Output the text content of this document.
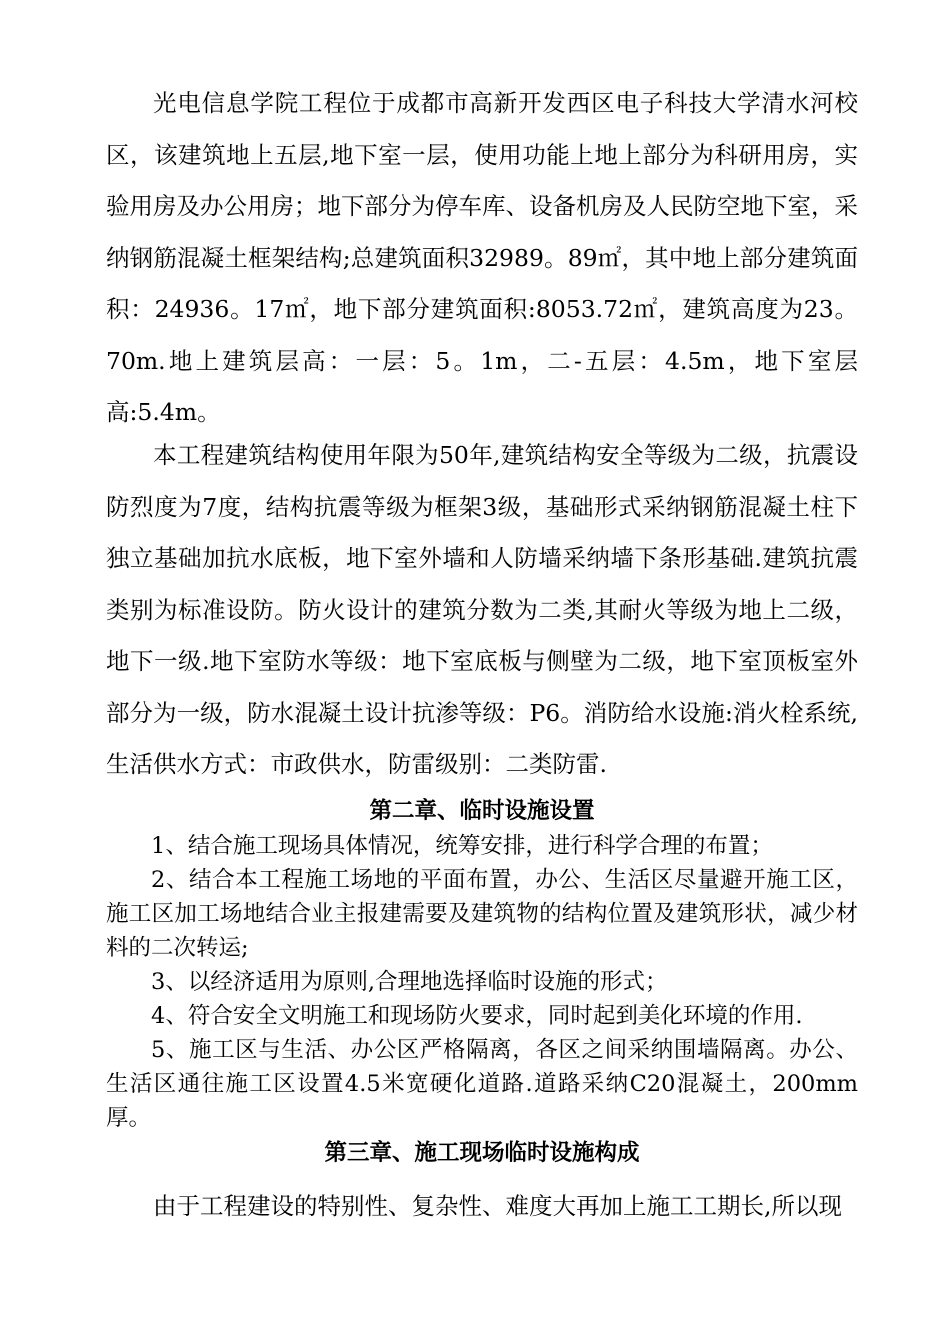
光电信息学院工程位于成都市高新开发西区电子科技大学清水河校区，该建筑地上五层,地下室一层，使用功能上地上部分为科研用房，实验用房及办公用房；地下部分为停车库、设备机房及人民防空地下室，采纳钢筋混凝土框架结构;总建筑面积32989。89㎡，其中地上部分建筑面积：24936。17㎡，地下部分建筑面积:8053.72㎡，建筑高度为23。70m.地上建筑层高：一层：5。1m，二-五层：4.5m，地下室层高:5.4m。

本工程建筑结构使用年限为50年,建筑结构安全等级为二级，抗震设防烈度为7度，结构抗震等级为框架3级，基础形式采纳钢筋混凝土柱下独立基础加抗水底板，地下室外墙和人防墙采纳墙下条形基础.建筑抗震类别为标准设防。防火设计的建筑分数为二类,其耐火等级为地上二级，地下一级.地下室防水等级：地下室底板与侧壁为二级，地下室顶板室外部分为一级，防水混凝土设计抗渗等级：P6。消防给水设施:消火栓系统,生活供水方式：市政供水，防雷级别：二类防雷.

第二章、临时设施设置

1、结合施工现场具体情况，统筹安排，进行科学合理的布置；

2、结合本工程施工场地的平面布置，办公、生活区尽量避开施工区，施工区加工场地结合业主报建需要及建筑物的结构位置及建筑形状，减少材料的二次转运;

3、以经济适用为原则,合理地选择临时设施的形式；

4、符合安全文明施工和现场防火要求，同时起到美化环境的作用.

5、施工区与生活、办公区严格隔离，各区之间采纳围墙隔离。办公、生活区通往施工区设置4.5米宽硬化道路.道路采纳C20混凝土，200mm厚。

第三章、施工现场临时设施构成

由于工程建设的特别性、复杂性、难度大再加上施工工期长,所以现
